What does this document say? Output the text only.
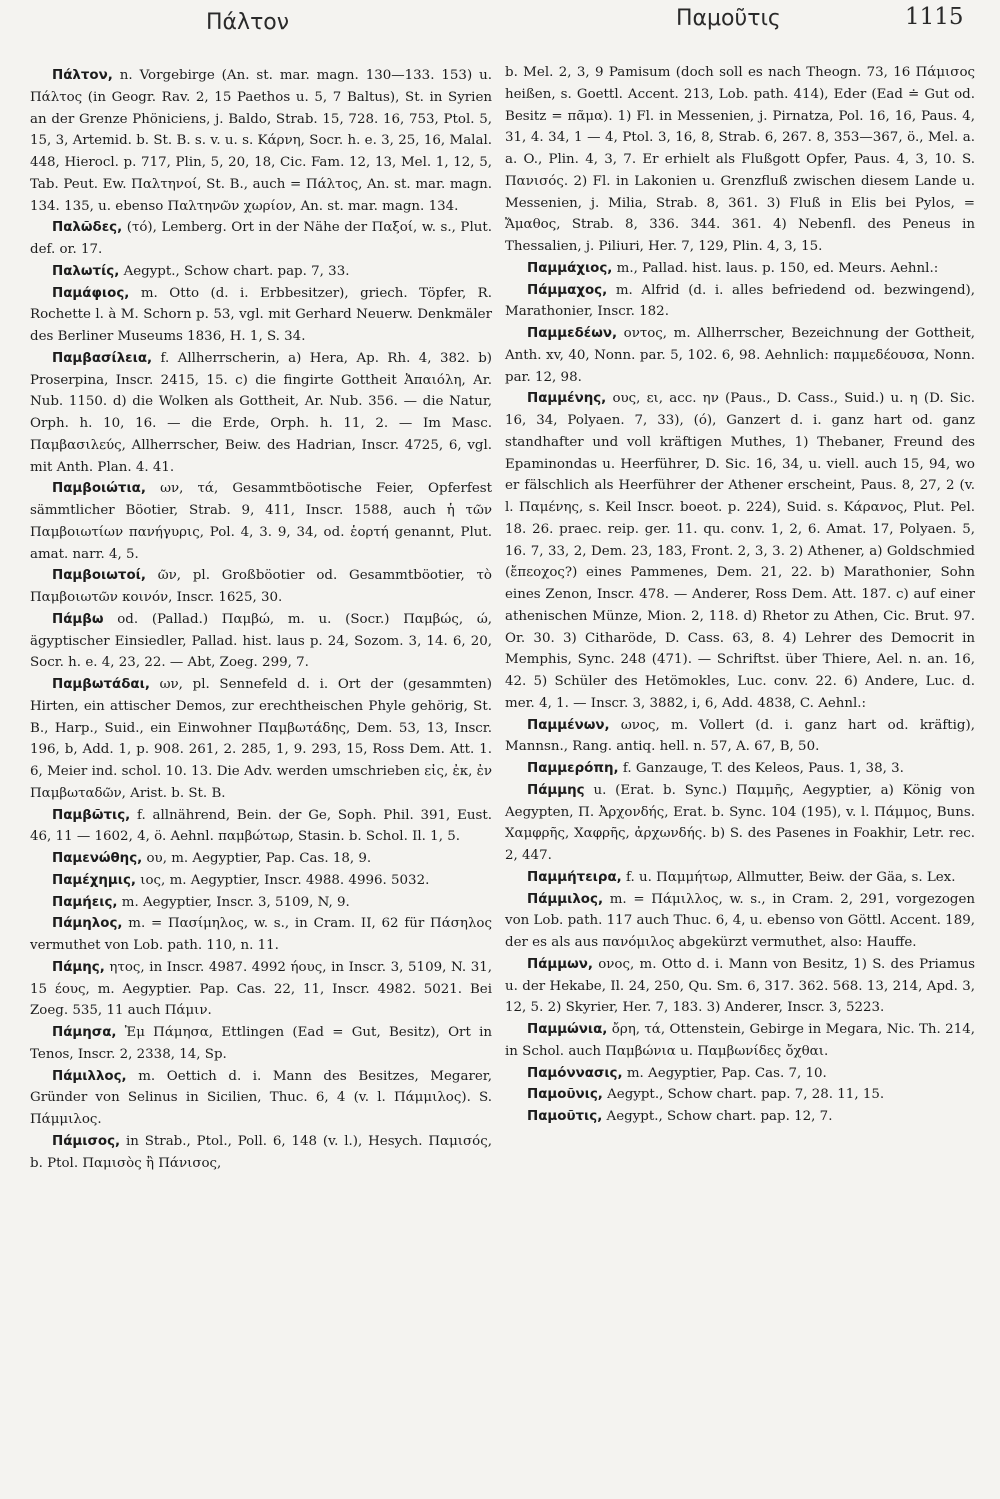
Πάλτον	Παμοῦτις	1115

Πάλτον, n. Vorgebirge (An. st. mar. magn. 130—133. 153) u. Πάλτος (in Geogr. Rav. 2, 15 Paethos u. 5, 7 Baltus), St. in Syrien an der Grenze Phöniciens, j. Baldo, Strab. 15, 728. 16, 753, Ptol. 5, 15, 3, Artemid. b. St. B. s. v. u. s. Κάρνη, Socr. h. e. 3, 25, 16, Malal. 448, Hierocl. p. 717, Plin, 5, 20, 18, Cic. Fam. 12, 13, Mel. 1, 12, 5, Tab. Peut. Ew. Παλτηνοί, St. B., auch = Πάλτος, An. st. mar. magn. 134. 135, u. ebenso Παλτηνῶν χωρίον, An. st. mar. magn. 134.

Παλῶδες, (τό), Lemberg. Ort in der Nähe der Παξοί, w. s., Plut. def. or. 17.

Παλωτίς, Aegypt., Schow chart. pap. 7, 33.

Παμάφιος, m. Otto (d. i. Erbbesitzer), griech. Töpfer, R. Rochette l. à M. Schorn p. 53, vgl. mit Gerhard Neuerw. Denkmäler des Berliner Museums 1836, H. 1, S. 34.

Παμβασίλεια, f. Allherrscherin, a) Hera, Ap. Rh. 4, 382. b) Proserpina, Inscr. 2415, 15. c) die fingirte Gottheit Ἀπαιόλη, Ar. Nub. 1150. d) die Wolken als Gottheit, Ar. Nub. 356. — die Natur, Orph. h. 10, 16. — die Erde, Orph. h. 11, 2. — Im Masc. Παμβασιλεύς, Allherrscher, Beiw. des Hadrian, Inscr. 4725, 6, vgl. mit Anth. Plan. 4. 41.

Παμβοιώτια, ων, τά, Gesammtböotische Feier, Opferfest sämmtlicher Böotier, Strab. 9, 411, Inscr. 1588, auch ἡ τῶν Παμβοιωτίων πανήγυρις, Pol. 4, 3. 9, 34, od. ἑορτή genannt, Plut. amat. narr. 4, 5.

Παμβοιωτοί, ῶν, pl. Großböotier od. Gesammtböotier, τὸ Παμβοιωτῶν κοινόν, Inscr. 1625, 30.

Πάμβω od. (Pallad.) Παμβώ, m. u. (Socr.) Παμβώς, ώ, ägyptischer Einsiedler, Pallad. hist. laus p. 24, Sozom. 3, 14. 6, 20, Socr. h. e. 4, 23, 22. — Abt, Zoeg. 299, 7.

Παμβωτάδαι, ων, pl. Sennefeld d. i. Ort der (gesammten) Hirten, ein attischer Demos, zur erechtheischen Phyle gehörig, St. B., Harp., Suid., ein Einwohner Παμβωτάδης, Dem. 53, 13, Inscr. 196, b, Add. 1, p. 908. 261, 2. 285, 1, 9. 293, 15, Ross Dem. Att. 1. 6, Meier ind. schol. 10. 13. Die Adv. werden umschrieben εἰς, ἐκ, ἐν Παμβωταδῶν, Arist. b. St. B.

Παμβῶτις, f. allnährend, Bein. der Ge, Soph. Phil. 391, Eust. 46, 11 — 1602, 4, ö. Aehnl. παμβώτωρ, Stasin. b. Schol. Il. 1, 5.

Παμενώθης, ου, m. Aegyptier, Pap. Cas. 18, 9.

Παμέχημις, ιος, m. Aegyptier, Inscr. 4988. 4996. 5032.

Παμήεις, m. Aegyptier, Inscr. 3, 5109, N, 9.

Πάμηλος, m. = Πασίμηλος, w. s., in Cram. II, 62 für Πάσηλος vermuthet von Lob. path. 110, n. 11.

Πάμης, ητος, in Inscr. 4987. 4992 ήους, in Inscr. 3, 5109, N. 31, 15 έους, m. Aegyptier. Pap. Cas. 22, 11, Inscr. 4982. 5021. Bei Zoeg. 535, 11 auch Πάμιν.

Πάμησα, Ἐμ Πάμησα, Ettlingen (Ead = Gut, Besitz), Ort in Tenos, Inscr. 2, 2338, 14, Sp.

Πάμιλλος, m. Oettich d. i. Mann des Besitzes, Megarer, Gründer von Selinus in Sicilien, Thuc. 6, 4 (v. l. Πάμμιλος). S. Πάμμιλος.

Πάμισος, in Strab., Ptol., Poll. 6, 148 (v. l.), Hesych. Παμισός, b. Ptol. Παμισὸς ἢ Πάνισος,

b. Mel. 2, 3, 9 Pamisum (doch soll es nach Theogn. 73, 16 Πάμισος heißen, s. Goettl. Accent. 213, Lob. path. 414), Eder (Ead ≐ Gut od. Besitz = πᾶμα). 1) Fl. in Messenien, j. Pirnatza, Pol. 16, 16, Paus. 4, 31, 4. 34, 1 — 4, Ptol. 3, 16, 8, Strab. 6, 267. 8, 353—367, ö., Mel. a. a. O., Plin. 4, 3, 7. Er erhielt als Flußgott Opfer, Paus. 4, 3, 10. S. Πανισός. 2) Fl. in Lakonien u. Grenzfluß zwischen diesem Lande u. Messenien, j. Milia, Strab. 8, 361. 3) Fluß in Elis bei Pylos, = Ἄμαθος, Strab. 8, 336. 344. 361. 4) Nebenfl. des Peneus in Thessalien, j. Piliuri, Her. 7, 129, Plin. 4, 3, 15.

Παμμάχιος, m., Pallad. hist. laus. p. 150, ed. Meurs. Aehnl.:

Πάμμαχος, m. Alfrid (d. i. alles befriedend od. bezwingend), Marathonier, Inscr. 182.

Παμμεδέων, οντος, m. Allherrscher, Bezeichnung der Gottheit, Anth. xv, 40, Nonn. par. 5, 102. 6, 98. Aehnlich: παμμεδέουσα, Nonn. par. 12, 98.

Παμμένης, ους, ει, acc. ην (Paus., D. Cass., Suid.) u. η (D. Sic. 16, 34, Polyaen. 7, 33), (ό), Ganzert d. i. ganz hart od. ganz standhafter und voll kräftigen Muthes, 1) Thebaner, Freund des Epaminondas u. Heerführer, D. Sic. 16, 34, u. viell. auch 15, 94, wo er fälschlich als Heerführer der Athener erscheint, Paus. 8, 27, 2 (v. l. Παμένης, s. Keil Inscr. boeot. p. 224), Suid. s. Κάρανος, Plut. Pel. 18. 26. praec. reip. ger. 11. qu. conv. 1, 2, 6. Amat. 17, Polyaen. 5, 16. 7, 33, 2, Dem. 23, 183, Front. 2, 3, 3. 2) Athener, a) Goldschmied (ἔπεοχος?) eines Pammenes, Dem. 21, 22. b) Marathonier, Sohn eines Zenon, Inscr. 478. — Anderer, Ross Dem. Att. 187. c) auf einer athenischen Münze, Mion. 2, 118. d) Rhetor zu Athen, Cic. Brut. 97. Or. 30. 3) Citharöde, D. Cass. 63, 8. 4) Lehrer des Democrit in Memphis, Sync. 248 (471). — Schriftst. über Thiere, Ael. n. an. 16, 42. 5) Schüler des Hetömokles, Luc. conv. 22. 6) Andere, Luc. d. mer. 4, 1. — Inscr. 3, 3882, i, 6, Add. 4838, C. Aehnl.:

Παμμένων, ωνος, m. Vollert (d. i. ganz hart od. kräftig), Mannsn., Rang. antiq. hell. n. 57, A. 67, B, 50.

Παμμερόπη, f. Ganzauge, T. des Keleos, Paus. 1, 38, 3.

Πάμμης u. (Erat. b. Sync.) Παμμῆς, Aegyptier, a) König von Aegypten, Π. Ἀρχονδής, Erat. b. Sync. 104 (195), v. l. Πάμμος, Buns. Χαμφρῆς, Χαφρῆς, ἀρχωνδής. b) S. des Pasenes in Foakhir, Letr. rec. 2, 447.

Παμμήτειρα, f. u. Παμμήτωρ, Allmutter, Beiw. der Gäa, s. Lex.

Πάμμιλος, m. = Πάμιλλος, w. s., in Cram. 2, 291, vorgezogen von Lob. path. 117 auch Thuc. 6, 4, u. ebenso von Göttl. Accent. 189, der es als aus πανόμιλος abgekürzt vermuthet, also: Hauffe.

Πάμμων, ονος, m. Otto d. i. Mann von Besitz, 1) S. des Priamus u. der Hekabe, Il. 24, 250, Qu. Sm. 6, 317. 362. 568. 13, 214, Apd. 3, 12, 5. 2) Skyrier, Her. 7, 183. 3) Anderer, Inscr. 3, 5223.

Παμμώνια, ὄρη, τά, Ottenstein, Gebirge in Megara, Nic. Th. 214, in Schol. auch Παμβώνια u. Παμβωνίδες ὄχθαι.

Παμόννασις, m. Aegyptier, Pap. Cas. 7, 10.

Παμοῦνις, Aegypt., Schow chart. pap. 7, 28. 11, 15.

Παμοῦτις, Aegypt., Schow chart. pap. 12, 7.
